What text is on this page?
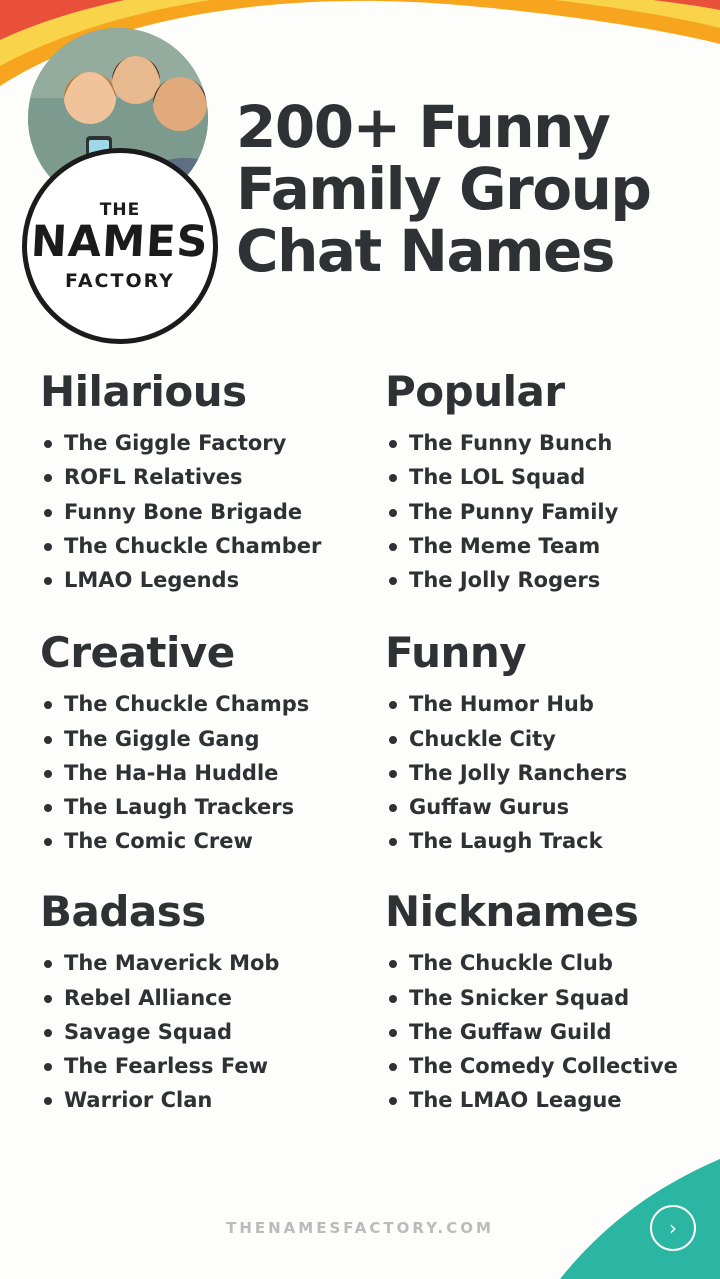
THE
NAMES
FACTORY
200+ Funny Family Group Chat Names
Hilarious
The Giggle Factory
ROFL Relatives
Funny Bone Brigade
The Chuckle Chamber
LMAO Legends
Creative
The Chuckle Champs
The Giggle Gang
The Ha-Ha Huddle
The Laugh Trackers
The Comic Crew
Badass
The Maverick Mob
Rebel Alliance
Savage Squad
The Fearless Few
Warrior Clan
Popular
The Funny Bunch
The LOL Squad
The Punny Family
The Meme Team
The Jolly Rogers
Funny
The Humor Hub
Chuckle City
The Jolly Ranchers
Guffaw Gurus
The Laugh Track
Nicknames
The Chuckle Club
The Snicker Squad
The Guffaw Guild
The Comedy Collective
The LMAO League
THENAMESFACTORY.COM	›
